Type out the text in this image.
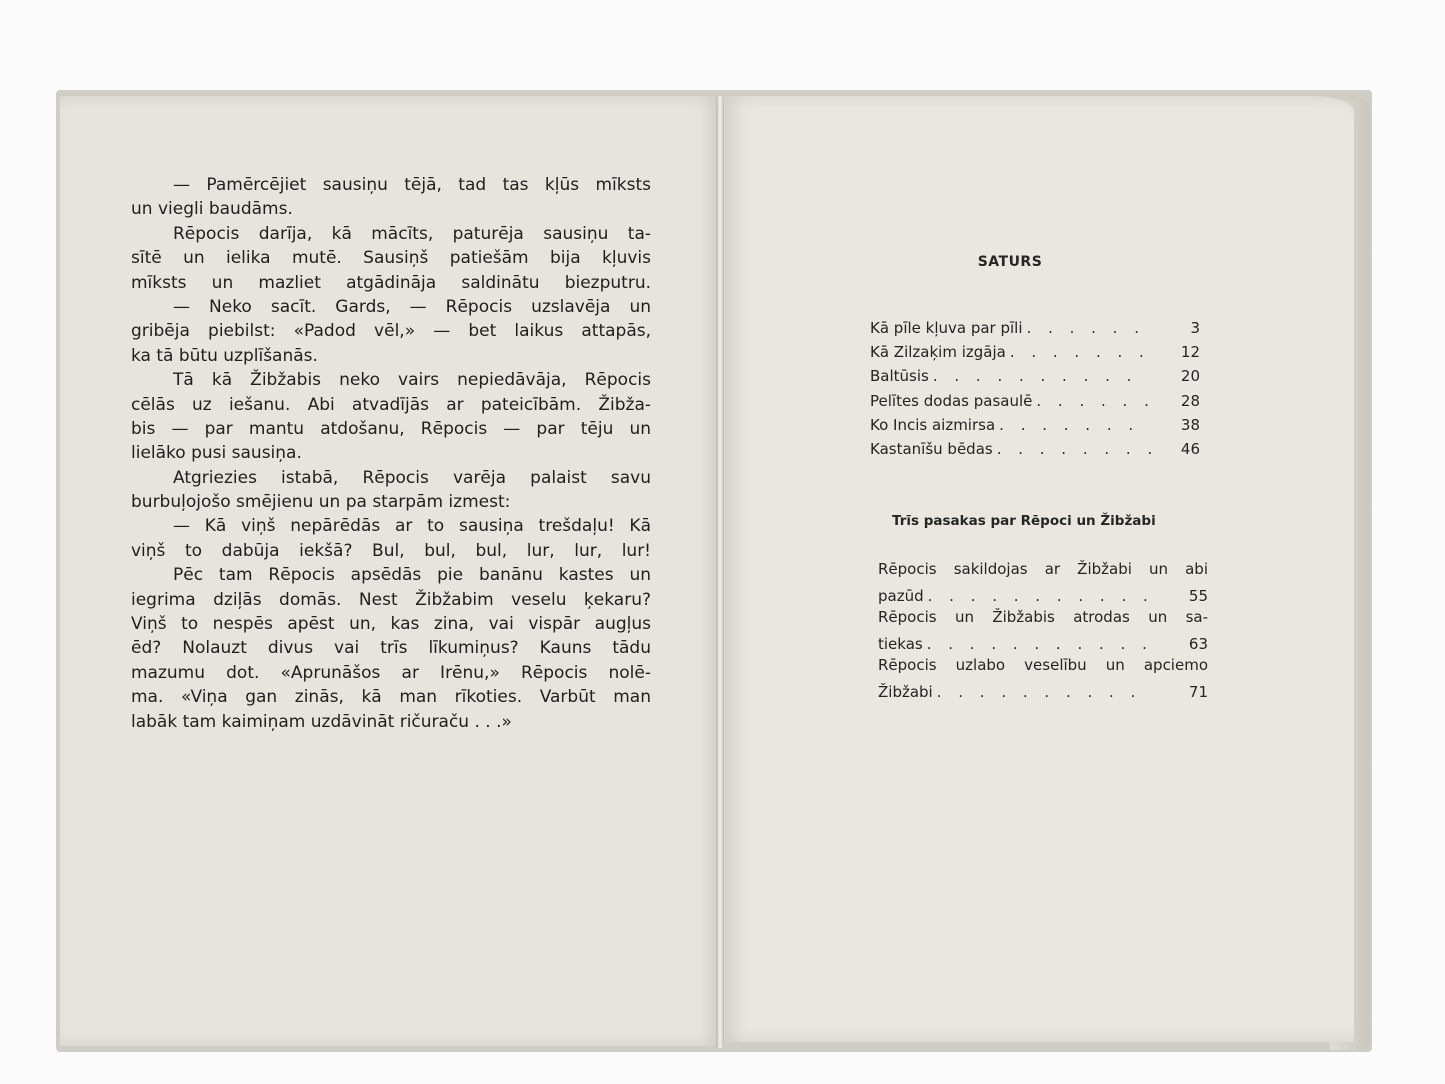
— Pamērcējiet sausiņu tējā, tad tas kļūs mīksts
un viegli baudāms.
Rēpocis darīja, kā mācīts, paturēja sausiņu ta-
sītē un ielika mutē. Sausiņš patiešām bija kļuvis
mīksts un mazliet atgādināja saldinātu biezputru.
— Neko sacīt. Gards, — Rēpocis uzslavēja un
gribēja piebilst: «Padod vēl,» — bet laikus attapās,
ka tā būtu uzplīšanās.
Tā kā Žibžabis neko vairs nepiedāvāja, Rēpocis
cēlās uz iešanu. Abi atvadījās ar pateicībām. Žibža-
bis — par mantu atdošanu, Rēpocis — par tēju un
lielāko pusi sausiņa.
Atgriezies istabā, Rēpocis varēja palaist savu
burbuļojošo smējienu un pa starpām izmest:
— Kā viņš nepārēdās ar to sausiņa trešdaļu! Kā
viņš to dabūja iekšā? Bul, bul, bul, lur, lur, lur!
Pēc tam Rēpocis apsēdās pie banānu kastes un
iegrima dziļās domās. Nest Žibžabim veselu ķekaru?
Viņš to nespēs apēst un, kas zina, vai vispār augļus
ēd? Nolauzt divus vai trīs līkumiņus? Kauns tādu
mazumu dot. «Aprunāšos ar Irēnu,» Rēpocis nolē-
ma. «Viņa gan zinās, kā man rīkoties. Varbūt man
labāk tam kaimiņam uzdāvināt ričuraču . . .»
SATURS
Kā pīle kļuva par pīli . . . . . .	3
Kā Zilzaķim izgāja . . . . . . .	12
Baltūsis . . . . . . . . . .	20
Pelītes dodas pasaulē . . . . . .	28
Ko Incis aizmirsa . . . . . . .	38
Kastanīšu bēdas . . . . . . . .	46
Trīs pasakas par Rēpoci un Žibžabi
Rēpocis sakildojas ar Žibžabi un abi
pazūd . . . . . . . . . . .	55
Rēpocis un Žibžabis atrodas un sa-
tiekas . . . . . . . . . . .	63
Rēpocis uzlabo veselību un apciemo
Žibžabi . . . . . . . . . .	71
